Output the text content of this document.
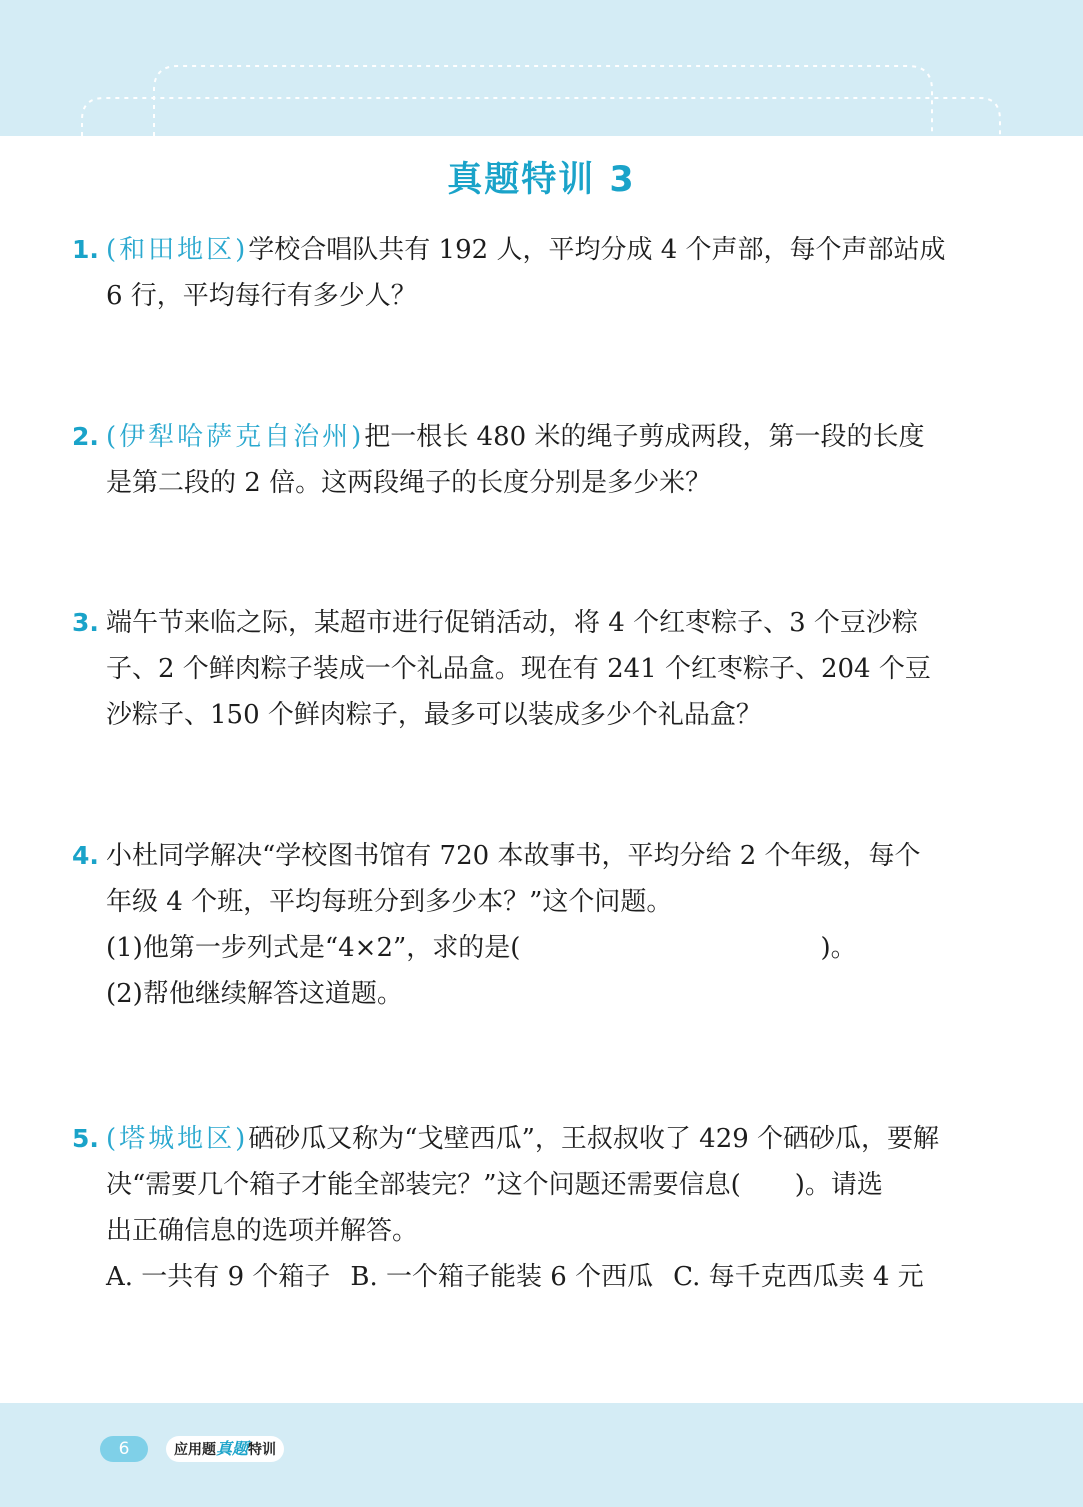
真题特训 3
1. (和田地区)学校合唱队共有 192 人，平均分成 4 个声部，每个声部站成
6 行，平均每行有多少人？
2. (伊犁哈萨克自治州)把一根长 480 米的绳子剪成两段，第一段的长度
是第二段的 2 倍。这两段绳子的长度分别是多少米？
3. 端午节来临之际，某超市进行促销活动，将 4 个红枣粽子、3 个豆沙粽
子、2 个鲜肉粽子装成一个礼品盒。现在有 241 个红枣粽子、204 个豆
沙粽子、150 个鲜肉粽子，最多可以装成多少个礼品盒？
4. 小杜同学解决“学校图书馆有 720 本故事书，平均分给 2 个年级，每个
年级 4 个班，平均每班分到多少本？”这个问题。
(1)他第一步列式是“4×2”，求的是(	)。
(2)帮他继续解答这道题。
5. (塔城地区)硒砂瓜又称为“戈壁西瓜”，王叔叔收了 429 个硒砂瓜，要解
决“需要几个箱子才能全部装完？”这个问题还需要信息( )。请选
出正确信息的选项并解答。
A. 一共有 9 个箱子 B. 一个箱子能装 6 个西瓜 C. 每千克西瓜卖 4 元
6	应用题真题特训
